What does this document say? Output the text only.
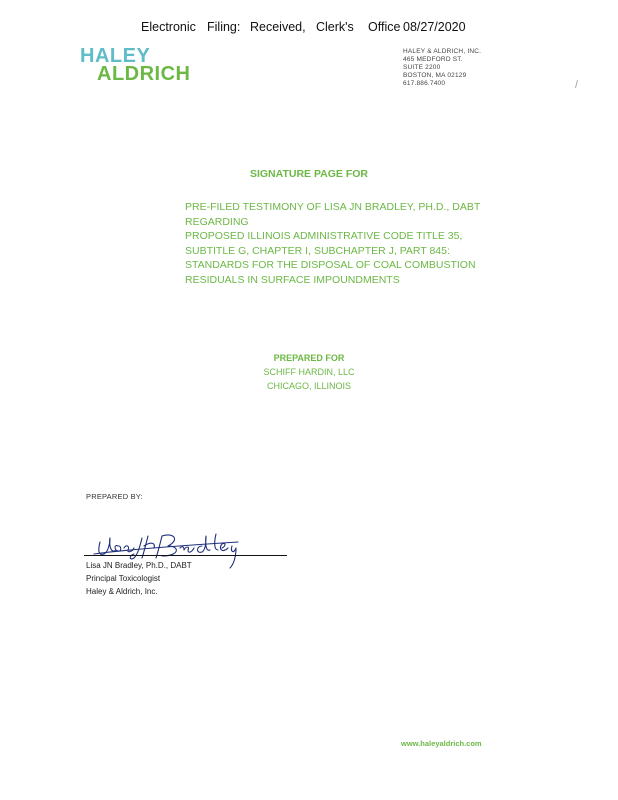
Electronic Filing: Received, Clerk's Office 08/27/2020
HALEY
ALDRICH
HALEY & ALDRICH, INC.
465 MEDFORD ST.
SUITE 2200
BOSTON, MA 02129
617.886.7400
SIGNATURE PAGE FOR
PRE-FILED TESTIMONY OF LISA JN BRADLEY, PH.D., DABT
REGARDING
PROPOSED ILLINOIS ADMINISTRATIVE CODE TITLE 35,
SUBTITLE G, CHAPTER I, SUBCHAPTER J, PART 845:
STANDARDS FOR THE DISPOSAL OF COAL COMBUSTION
RESIDUALS IN SURFACE IMPOUNDMENTS
PREPARED FOR
SCHIFF HARDIN, LLC
CHICAGO, ILLINOIS
PREPARED BY:
Lisa JN Bradley, Ph.D., DABT
Principal Toxicologist
Haley & Aldrich, Inc.
www.haleyaldrich.com
